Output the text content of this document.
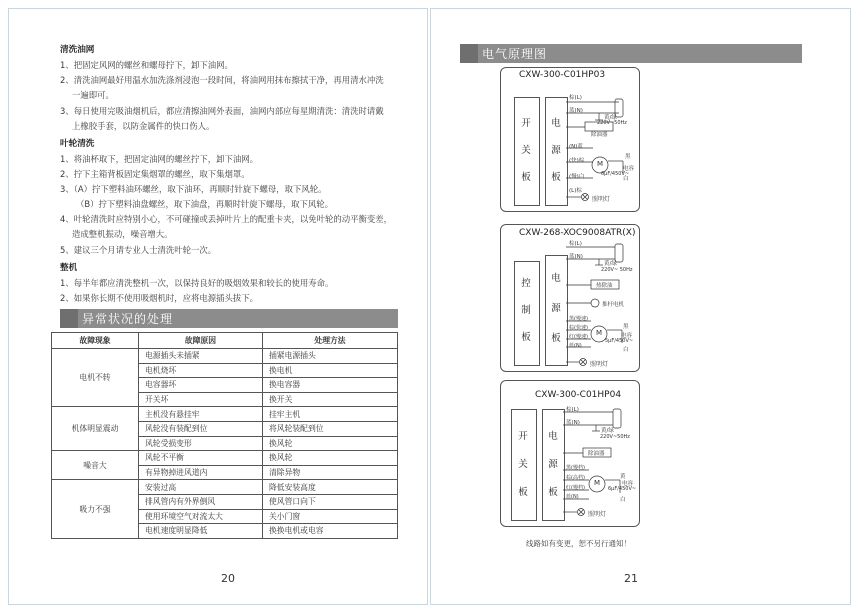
清洗油网
1、把固定风网的螺丝和螺母拧下，卸下油网。
2、清洗油网最好用温水加洗涤剂浸泡一段时间，将油网用抹布擦拭干净，再用清水冲洗
一遍即可。
3、每日使用完吸油烟机后，都应清擦油网外表面，油网内部应每星期清洗：清洗时请戴
上橡胶手套，以防金属件的快口伤人。
叶轮清洗
1、将油杯取下，把固定油网的螺丝拧下，卸下油网。
2、拧下主箱背板固定集烟罩的螺丝，取下集烟罩。
3、（A）拧下塑料油环螺丝，取下油环，再顺时针旋下螺母，取下风轮。
（B）拧下塑料油盘螺丝，取下油盘，再顺时针旋下螺母，取下风轮。
4、叶轮清洗时应特别小心，不可碰撞或丢掉叶片上的配重卡夹，以免叶轮的动平衡变差，
造成整机振动，噪音增大。
5、建议三个月请专业人士清洗叶轮一次。
整机
1、每半年都应清洗整机一次，以保持良好的吸烟效果和较长的使用寿命。
2、如果你长期不使用吸烟机时，应将电源插头拔下。
异常状况的处理
故障现象	故障原因	处理方法
电机不转	电源插头未插紧	插紧电源插头
	电机烧坏	换电机
	电容器坏	换电容器
	开关坏	换开关
机体明显震动	主机没有悬挂牢	挂牢主机
	风轮没有装配到位	将风轮装配到位
	风轮受损变形	换风轮
噪音大	风轮不平衡	换风轮
	有异物掉进风道内	清除异物
吸力不强	安装过高	降低安装高度
	排风管内有外界倒风	使风管口向下
	使用环境空气对流太大	关小门窗
	电机速度明显降低	换换电机或电容
20
电气原理图
CXW-300-C01HP03
开
关
板
电
源
板
棕(L)
蓝(N)
黄/绿
220V~50Hz
除油器
(N)蓝
(快)棕
(慢)白
(L)棕
M
黑
白
电容
6μF/450V~
照明灯
CXW-268-XOC9008ATR(X)
控
制
板
电
源
板
棕(L)
蓝(N)
黄/绿
220V~ 50Hz
热除油
推杆电机
黑(慢速)
棕(快速)
红(慢速)
蓝(N)
M
黑
白
电容
5μF/450V~
照明灯
CXW-300-C01HP04
开
关
板
电
源
板
棕(L)
蓝(N)
黄/绿
220V~50Hz
除油器
黑(慢档)
棕(高档)
红(慢档)
蓝(N)
M
黄
白
电容
6μF/450V~
照明灯
线路如有变更，恕不另行通知！
21
